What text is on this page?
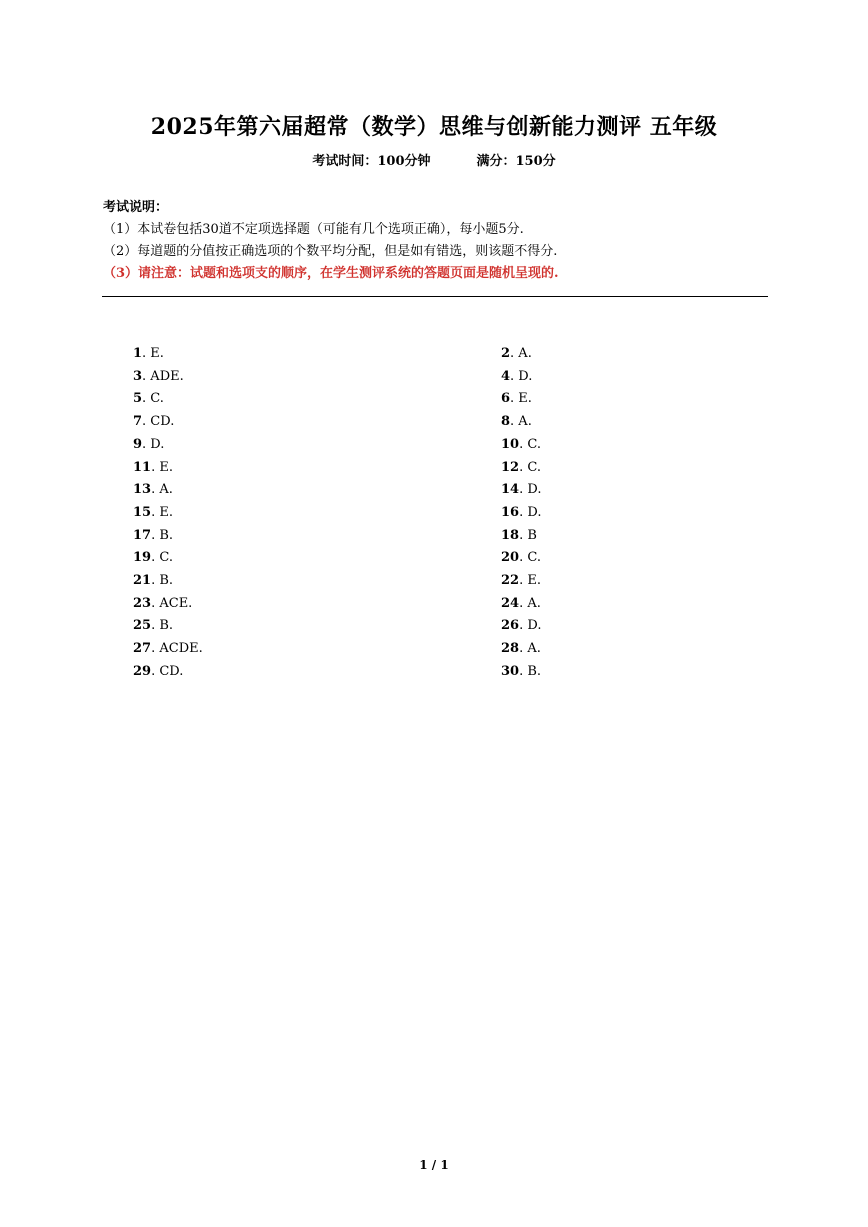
2025年第六届超常（数学）思维与创新能力测评 五年级
考试时间：100分钟	满分：150分
考试说明：
（1）本试卷包括30道不定项选择题（可能有几个选项正确），每小题5分.
（2）每道题的分值按正确选项的个数平均分配，但是如有错选，则该题不得分.
（3）请注意：试题和选项支的顺序，在学生测评系统的答题页面是随机呈现的.
1. E.	2. A.
3. ADE.	4. D.
5. C.	6. E.
7. CD.	8. A.
9. D.	10. C.
11. E.	12. C.
13. A.	14. D.
15. E.	16. D.
17. B.	18. B
19. C.	20. C.
21. B.	22. E.
23. ACE.	24. A.
25. B.	26. D.
27. ACDE.	28. A.
29. CD.	30. B.
1 / 1
